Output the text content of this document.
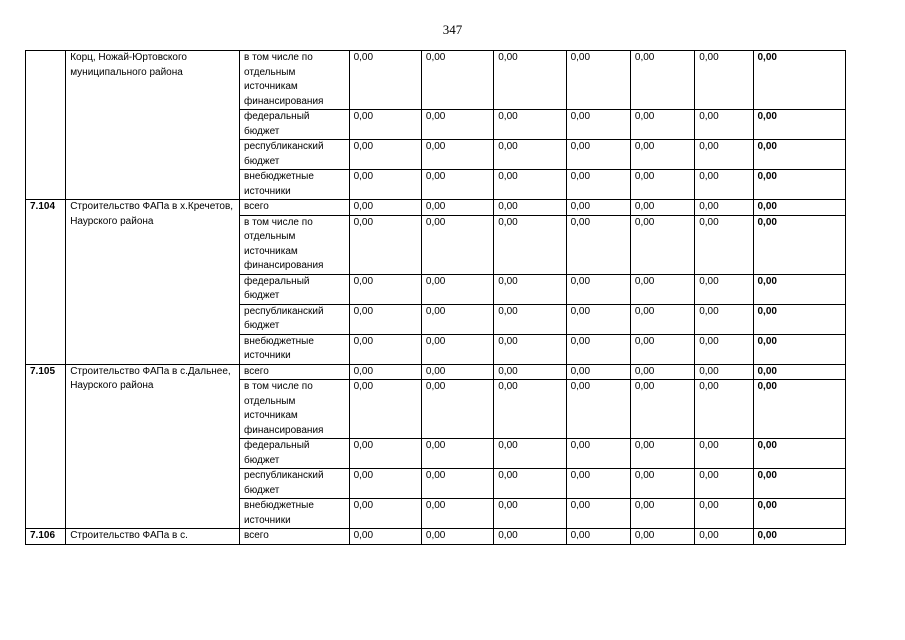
347
	Корц, Ножай-Юртовского муниципального района	в том числе по отдельным источникам финансирования	0,00	0,00	0,00	0,00	0,00	0,00	0,00
		федеральный бюджет	0,00	0,00	0,00	0,00	0,00	0,00	0,00
		республиканский бюджет	0,00	0,00	0,00	0,00	0,00	0,00	0,00
		внебюджетные источники	0,00	0,00	0,00	0,00	0,00	0,00	0,00
7.104	Строительство ФАПа в х.Кречетов, Наурского района	всего	0,00	0,00	0,00	0,00	0,00	0,00	0,00
		в том числе по отдельным источникам финансирования	0,00	0,00	0,00	0,00	0,00	0,00	0,00
		федеральный бюджет	0,00	0,00	0,00	0,00	0,00	0,00	0,00
		республиканский бюджет	0,00	0,00	0,00	0,00	0,00	0,00	0,00
		внебюджетные источники	0,00	0,00	0,00	0,00	0,00	0,00	0,00
7.105	Строительство ФАПа в с.Дальнее, Наурского района	всего	0,00	0,00	0,00	0,00	0,00	0,00	0,00
		в том числе по отдельным источникам финансирования	0,00	0,00	0,00	0,00	0,00	0,00	0,00
		федеральный бюджет	0,00	0,00	0,00	0,00	0,00	0,00	0,00
		республиканский бюджет	0,00	0,00	0,00	0,00	0,00	0,00	0,00
		внебюджетные источники	0,00	0,00	0,00	0,00	0,00	0,00	0,00
7.106	Строительство ФАПа в с.	всего	0,00	0,00	0,00	0,00	0,00	0,00	0,00
